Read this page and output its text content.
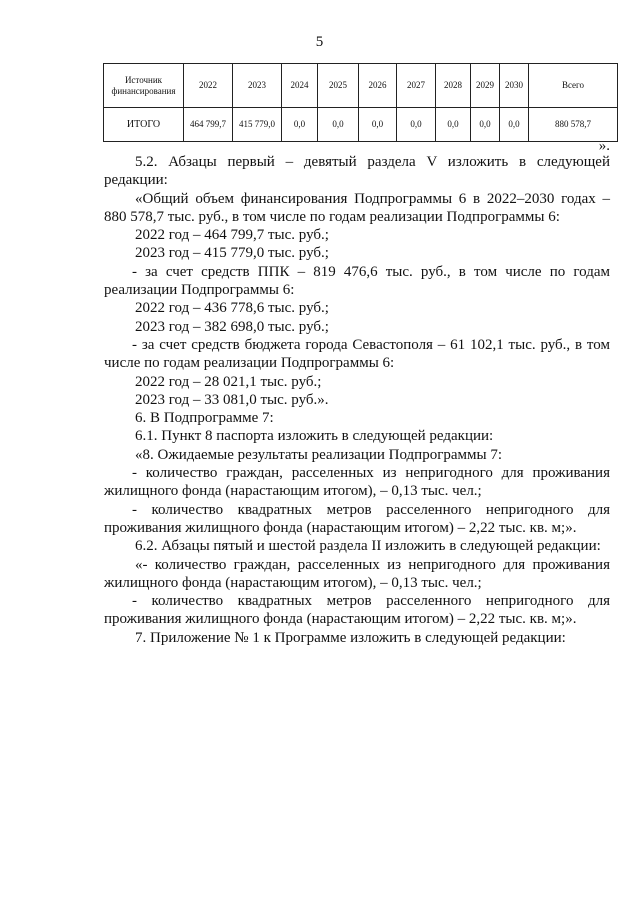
5
Источник финансирования	2022	2023	2024	2025	2026	2027	2028	2029	2030	Всего
ИТОГО	464 799,7	415 779,0	0,0	0,0	0,0	0,0	0,0	0,0	0,0	880 578,7
».

5.2. Абзацы первый – девятый раздела V изложить в следующей редакции:

«Общий объем финансирования Подпрограммы 6 в 2022–2030 годах – 880 578,7 тыс. руб., в том числе по годам реализации Подпрограммы 6:

2022 год – 464 799,7 тыс. руб.;

2023 год – 415 779,0 тыс. руб.;

- за счет средств ППК – 819 476,6 тыс. руб., в том числе по годам реализации Подпрограммы 6:

2022 год – 436 778,6 тыс. руб.;

2023 год – 382 698,0 тыс. руб.;

- за счет средств бюджета города Севастополя – 61 102,1 тыс. руб., в том числе по годам реализации Подпрограммы 6:

2022 год – 28 021,1 тыс. руб.;

2023 год – 33 081,0 тыс. руб.».

6. В Подпрограмме 7:

6.1. Пункт 8 паспорта изложить в следующей редакции:

«8. Ожидаемые результаты реализации Подпрограммы 7:

- количество граждан, расселенных из непригодного для проживания жилищного фонда (нарастающим итогом), – 0,13 тыс. чел.;

- количество квадратных метров расселенного непригодного для проживания жилищного фонда (нарастающим итогом) – 2,22 тыс. кв. м;».

6.2. Абзацы пятый и шестой раздела II изложить в следующей редакции:

«- количество граждан, расселенных из непригодного для проживания жилищного фонда (нарастающим итогом), – 0,13 тыс. чел.;

- количество квадратных метров расселенного непригодного для проживания жилищного фонда (нарастающим итогом) – 2,22 тыс. кв. м;».

7. Приложение № 1 к Программе изложить в следующей редакции:
